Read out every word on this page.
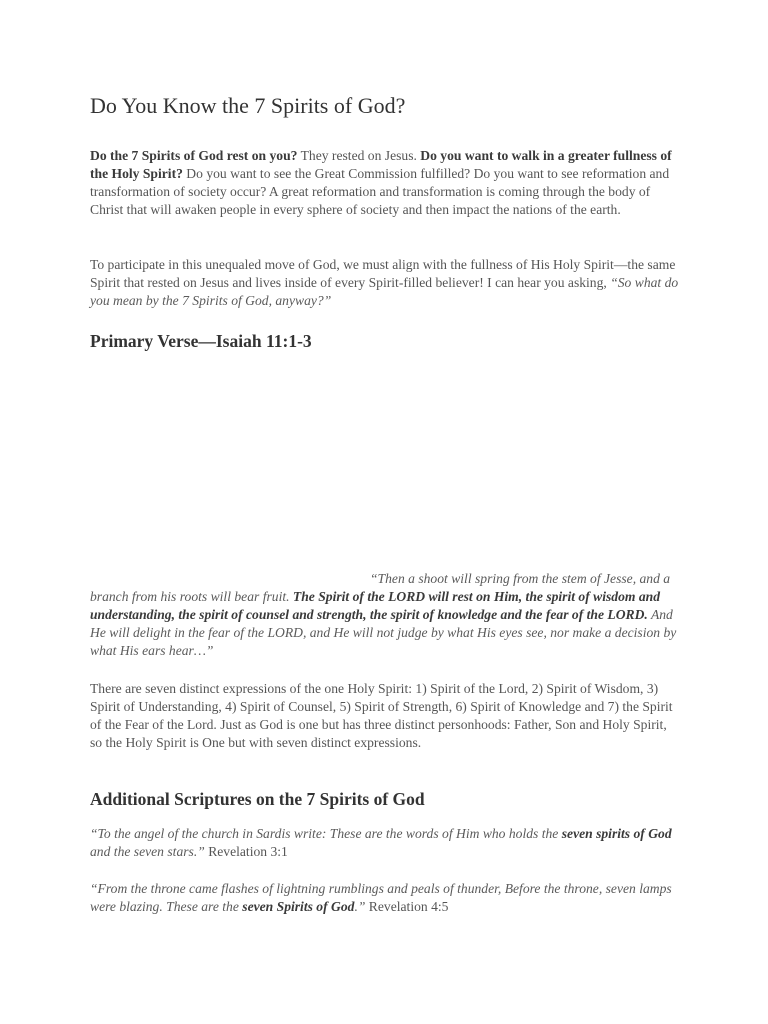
Do You Know the 7 Spirits of God?

Do the 7 Spirits of God rest on you? They rested on Jesus. Do you want to walk in a greater fullness of the Holy Spirit? Do you want to see the Great Commission fulfilled? Do you want to see reformation and transformation of society occur? A great reformation and transformation is coming through the body of Christ that will awaken people in every sphere of society and then impact the nations of the earth.

To participate in this unequaled move of God, we must align with the fullness of His Holy Spirit—the same Spirit that rested on Jesus and lives inside of every Spirit-filled believer! I can hear you asking, “So what do you mean by the 7 Spirits of God, anyway?”

Primary Verse—Isaiah 11:1-3

“Then a shoot will spring from the stem of Jesse, and a branch from his roots will bear fruit. The Spirit of the LORD will rest on Him, the spirit of wisdom and understanding, the spirit of counsel and strength, the spirit of knowledge and the fear of the LORD. And He will delight in the fear of the LORD, and He will not judge by what His eyes see, nor make a decision by what His ears hear…”

There are seven distinct expressions of the one Holy Spirit: 1) Spirit of the Lord, 2) Spirit of Wisdom, 3) Spirit of Understanding, 4) Spirit of Counsel, 5) Spirit of Strength, 6) Spirit of Knowledge and 7) the Spirit of the Fear of the Lord. Just as God is one but has three distinct personhoods: Father, Son and Holy Spirit, so the Holy Spirit is One but with seven distinct expressions.

Additional Scriptures on the 7 Spirits of God

“To the angel of the church in Sardis write: These are the words of Him who holds the seven spirits of God and the seven stars.” Revelation 3:1

“From the throne came flashes of lightning rumblings and peals of thunder, Before the throne, seven lamps were blazing. These are the seven Spirits of God.” Revelation 4:5
